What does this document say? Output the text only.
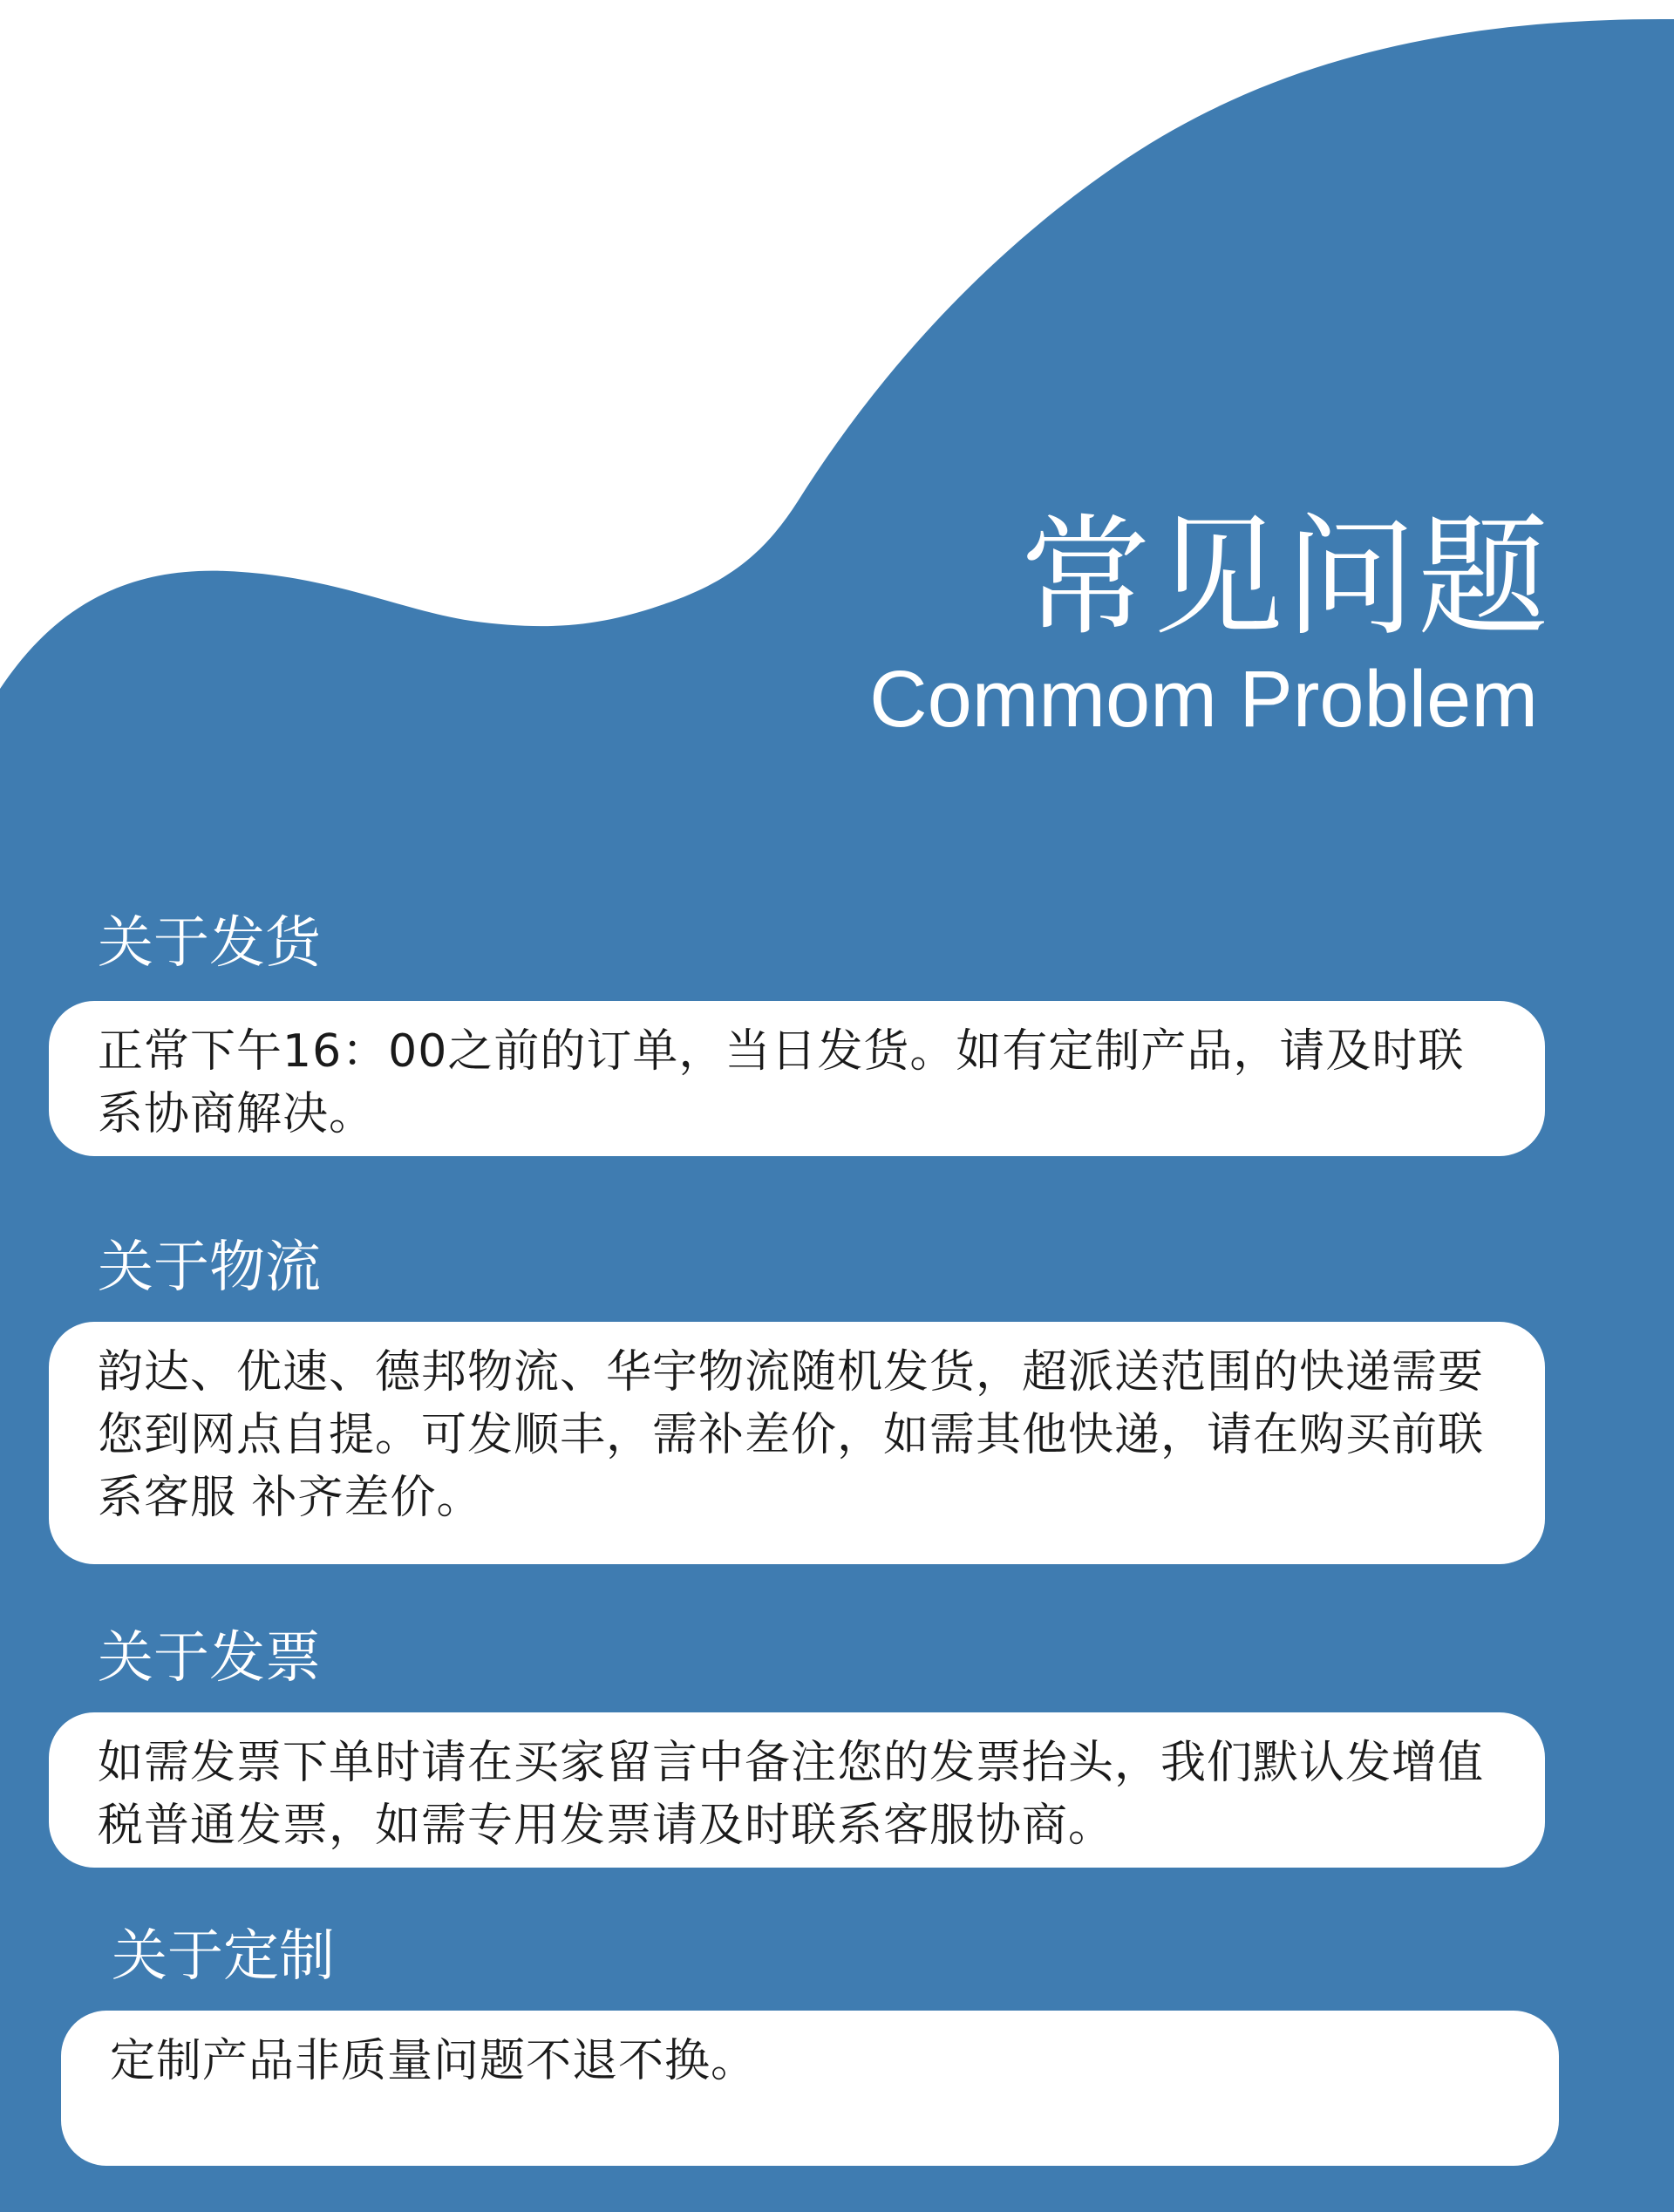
常见问题
Commom Problem
关于发货

正常下午16：00之前的订单，当日发货。如有定制产品，请及时联系协商解决。

关于物流

韵达、优速、德邦物流、华宇物流随机发货，超派送范围的快递需要您到网点自提。可发顺丰，需补差价，如需其他快递，请在购买前联系客服 补齐差价。

关于发票

如需发票下单时请在买家留言中备注您的发票抬头，我们默认发增值税普通发票，如需专用发票请及时联系客服协商。

关于定制

定制产品非质量问题不退不换。
